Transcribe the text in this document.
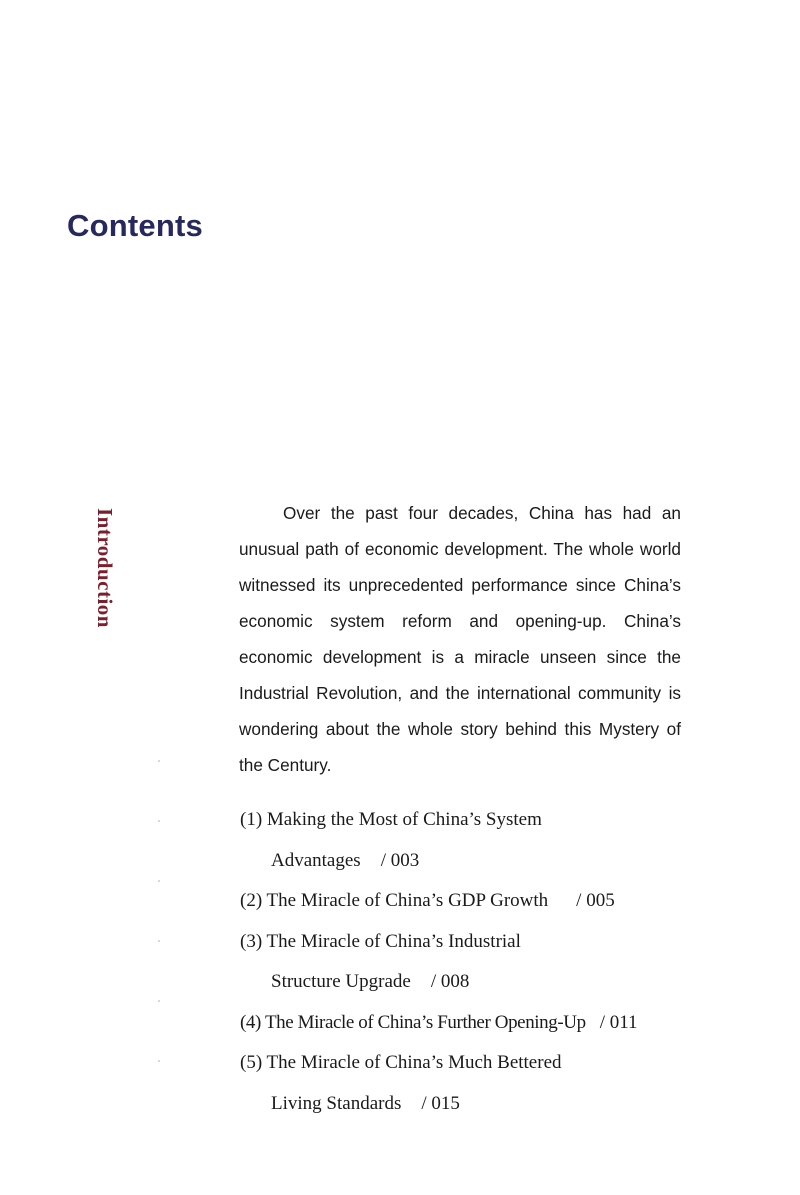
Contents
Introduction	Over the past four decades, China has had an unusual path of economic development. The whole world witnessed its unprecedented performance since China’s economic system reform and opening-up. China’s economic development is a miracle unseen since the Industrial Revolution, and the international community is wondering about the whole story behind this Mystery of the Century.

(1) Making the Most of China’s System
Advantages / 003
(2) The Miracle of China’s GDP Growth / 005
(3) The Miracle of China’s Industrial
Structure Upgrade / 008
(4) The Miracle of China’s Further Opening-Up / 011
(5) The Miracle of China’s Much Bettered
Living Standards / 015
